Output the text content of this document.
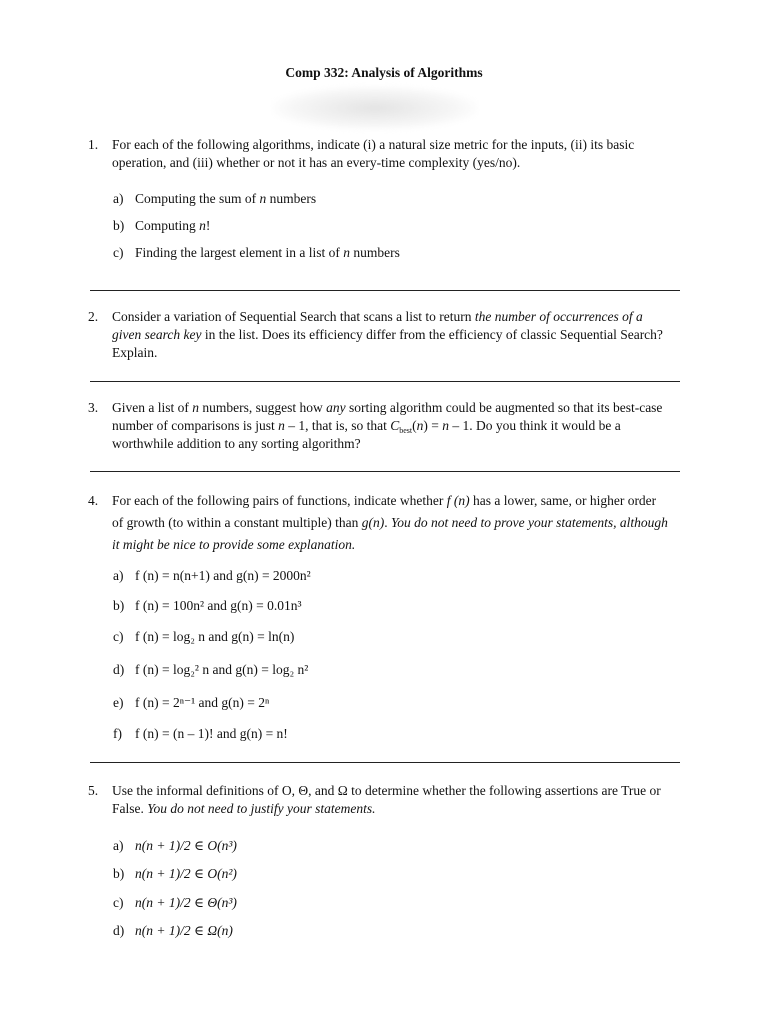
Comp 332: Analysis of Algorithms
1. For each of the following algorithms, indicate (i) a natural size metric for the inputs, (ii) its basic operation, and (iii) whether or not it has an every-time complexity (yes/no).
a) Computing the sum of n numbers
b) Computing n!
c) Finding the largest element in a list of n numbers
2. Consider a variation of Sequential Search that scans a list to return the number of occurrences of a given search key in the list. Does its efficiency differ from the efficiency of classic Sequential Search? Explain.
3. Given a list of n numbers, suggest how any sorting algorithm could be augmented so that its best-case number of comparisons is just n – 1, that is, so that $C_{best}(n) = n - 1$. Do you think it would be a worthwhile addition to any sorting algorithm?
4. For each of the following pairs of functions, indicate whether f (n) has a lower, same, or higher order of growth (to within a constant multiple) than g(n). You do not need to prove your statements, although it might be nice to provide some explanation.
a) f (n) = n(n+1) and g(n) = 2000n²
b) f (n) = 100n² and g(n) = 0.01n³
c) f (n) = log₂ n and g(n) = ln(n)
d) f (n) = log₂² n and g(n) = log₂ n²
e) f (n) = 2ⁿ⁻¹ and g(n) = 2ⁿ
f) f (n) = (n – 1)! and g(n) = n!
5. Use the informal definitions of O, Θ, and Ω to determine whether the following assertions are True or False. You do not need to justify your statements.
a) n(n + 1)/2 ∈ O(n³)
b) n(n + 1)/2 ∈ O(n²)
c) n(n + 1)/2 ∈ Θ(n³)
d) n(n + 1)/2 ∈ Ω(n)
